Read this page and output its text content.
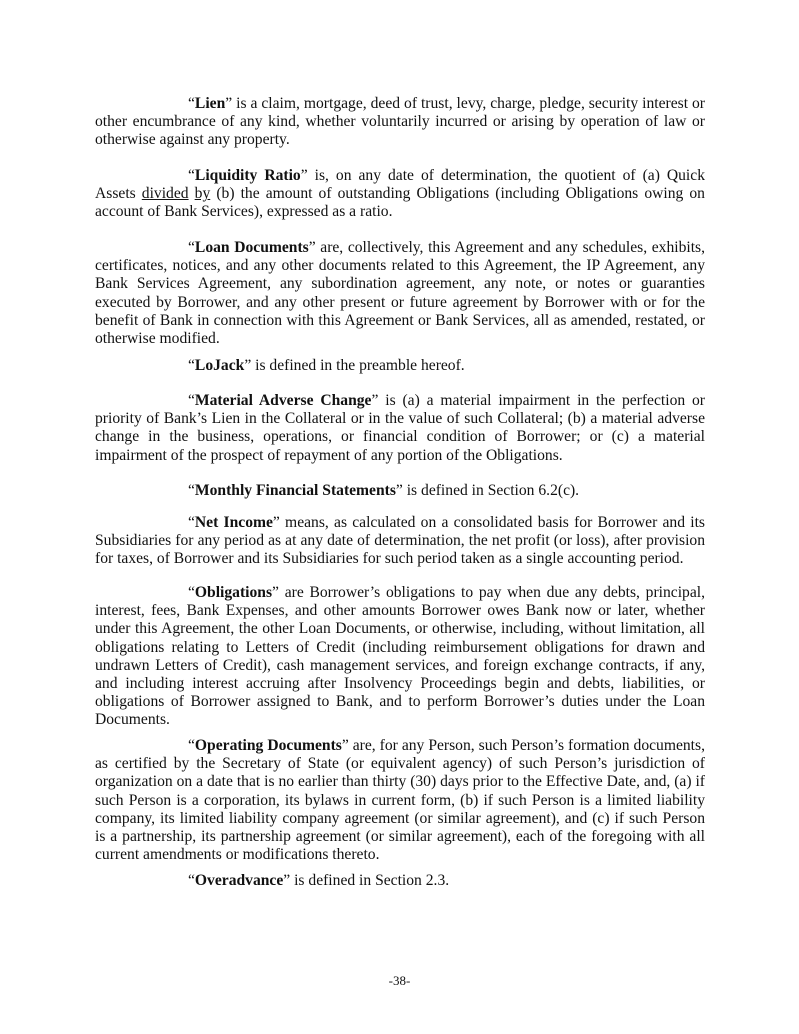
“Lien” is a claim, mortgage, deed of trust, levy, charge, pledge, security interest or other encumbrance of any kind, whether voluntarily incurred or arising by operation of law or otherwise against any property.

“Liquidity Ratio” is, on any date of determination, the quotient of (a) Quick Assets divided by (b) the amount of outstanding Obligations (including Obligations owing on account of Bank Services), expressed as a ratio.

“Loan Documents” are, collectively, this Agreement and any schedules, exhibits, certificates, notices, and any other documents related to this Agreement, the IP Agreement, any Bank Services Agreement, any subordination agreement, any note, or notes or guaranties executed by Borrower, and any other present or future agreement by Borrower with or for the benefit of Bank in connection with this Agreement or Bank Services, all as amended, restated, or otherwise modified.

“LoJack” is defined in the preamble hereof.

“Material Adverse Change” is (a) a material impairment in the perfection or priority of Bank’s Lien in the Collateral or in the value of such Collateral; (b) a material adverse change in the business, operations, or financial condition of Borrower; or (c) a material impairment of the prospect of repayment of any portion of the Obligations.

“Monthly Financial Statements” is defined in Section 6.2(c).

“Net Income” means, as calculated on a consolidated basis for Borrower and its Subsidiaries for any period as at any date of determination, the net profit (or loss), after provision for taxes, of Borrower and its Subsidiaries for such period taken as a single accounting period.

“Obligations” are Borrower’s obligations to pay when due any debts, principal, interest, fees, Bank Expenses, and other amounts Borrower owes Bank now or later, whether under this Agreement, the other Loan Documents, or otherwise, including, without limitation, all obligations relating to Letters of Credit (including reimbursement obligations for drawn and undrawn Letters of Credit), cash management services, and foreign exchange contracts, if any, and including interest accruing after Insolvency Proceedings begin and debts, liabilities, or obligations of Borrower assigned to Bank, and to perform Borrower’s duties under the Loan Documents.

“Operating Documents” are, for any Person, such Person’s formation documents, as certified by the Secretary of State (or equivalent agency) of such Person’s jurisdiction of organization on a date that is no earlier than thirty (30) days prior to the Effective Date, and, (a) if such Person is a corporation, its bylaws in current form, (b) if such Person is a limited liability company, its limited liability company agreement (or similar agreement), and (c) if such Person is a partnership, its partnership agreement (or similar agreement), each of the foregoing with all current amendments or modifications thereto.

“Overadvance” is defined in Section 2.3.

-38-
